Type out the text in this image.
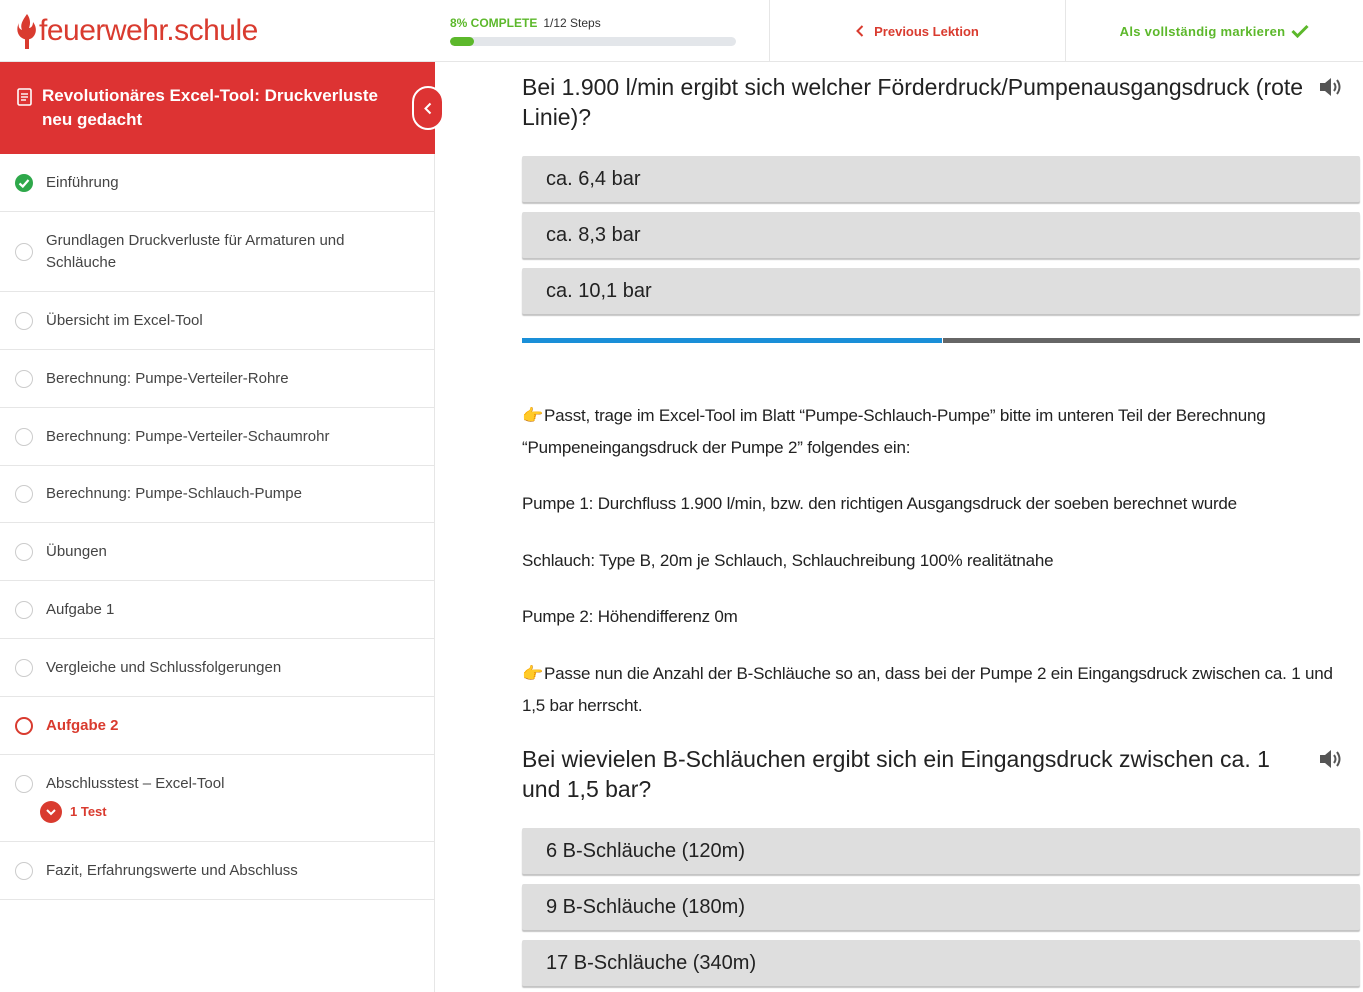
feuerwehr.schule	8% COMPLETE 1/12 Steps
Previous Lektion	Als vollständig markieren
Revolutionäres Excel-Tool: Druckverluste neu gedacht
Einführung
Grundlagen Druckverluste für Armaturen und Schläuche
Übersicht im Excel-Tool
Berechnung: Pumpe-Verteiler-Rohre
Berechnung: Pumpe-Verteiler-Schaumrohr
Berechnung: Pumpe-Schlauch-Pumpe
Übungen
Aufgabe 1
Vergleiche und Schlussfolgerungen
Aufgabe 2
Abschlusstest – Excel-Tool
1 Test
Fazit, Erfahrungswerte und Abschluss
Bei 1.900 l/min ergibt sich welcher Förderdruck/Pumpenausgangsdruck (rote Linie)?
ca. 6,4 bar
ca. 8,3 bar
ca. 10,1 bar
👉Passt, trage im Excel-Tool im Blatt “Pumpe-Schlauch-Pumpe” bitte im unteren Teil der Berechnung “Pumpeneingangsdruck der Pumpe 2” folgendes ein:
Pumpe 1: Durchfluss 1.900 l/min, bzw. den richtigen Ausgangsdruck der soeben berechnet wurde
Schlauch: Type B, 20m je Schlauch, Schlauchreibung 100% realitätnahe
Pumpe 2: Höhendifferenz 0m
👉Passe nun die Anzahl der B-Schläuche so an, dass bei der Pumpe 2 ein Eingangsdruck zwischen ca. 1 und 1,5 bar herrscht.
Bei wievielen B-Schläuchen ergibt sich ein Eingangsdruck zwischen ca. 1 und 1,5 bar?
6 B-Schläuche (120m)
9 B-Schläuche (180m)
17 B-Schläuche (340m)
